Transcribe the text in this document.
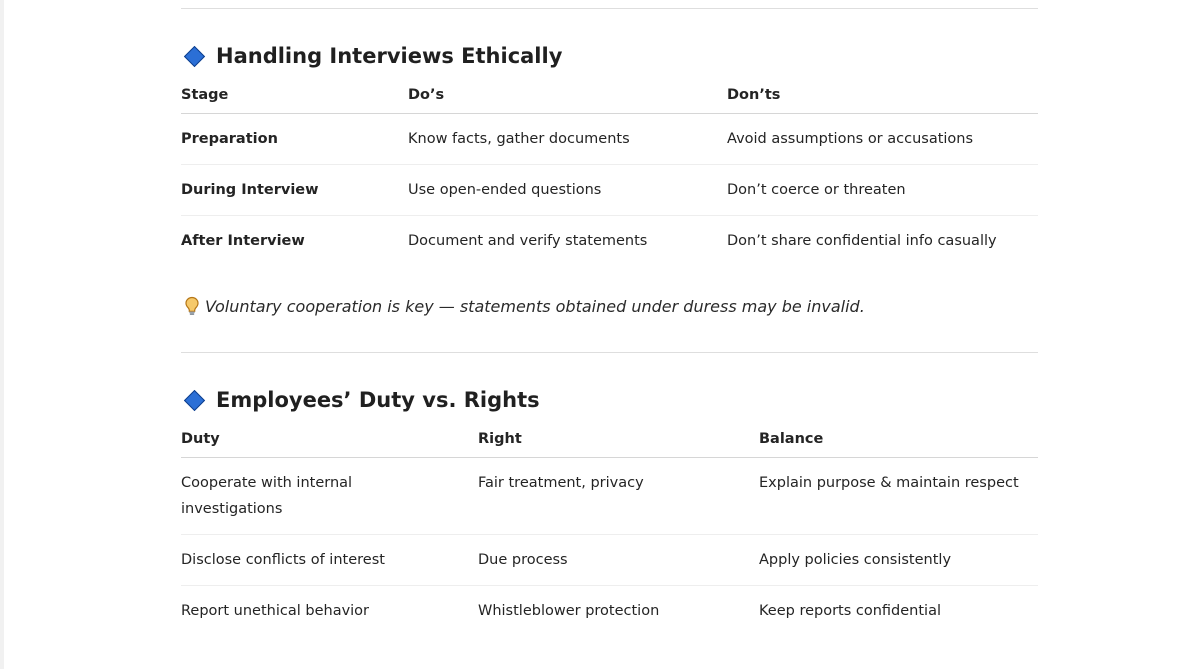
Handling Interviews Ethically
Stage	Do’s	Don’ts
Preparation	Know facts, gather documents	Avoid assumptions or accusations
During Interview	Use open-ended questions	Don’t coerce or threaten
After Interview	Document and verify statements	Don’t share confidential info casually
Voluntary cooperation is key — statements obtained under duress may be invalid.
Employees’ Duty vs. Rights
Duty	Right	Balance

Cooperate with internal investigations	Fair treatment, privacy	Explain purpose & maintain respect
Disclose conflicts of interest	Due process	Apply policies consistently
Report unethical behavior	Whistleblower protection	Keep reports confidential
